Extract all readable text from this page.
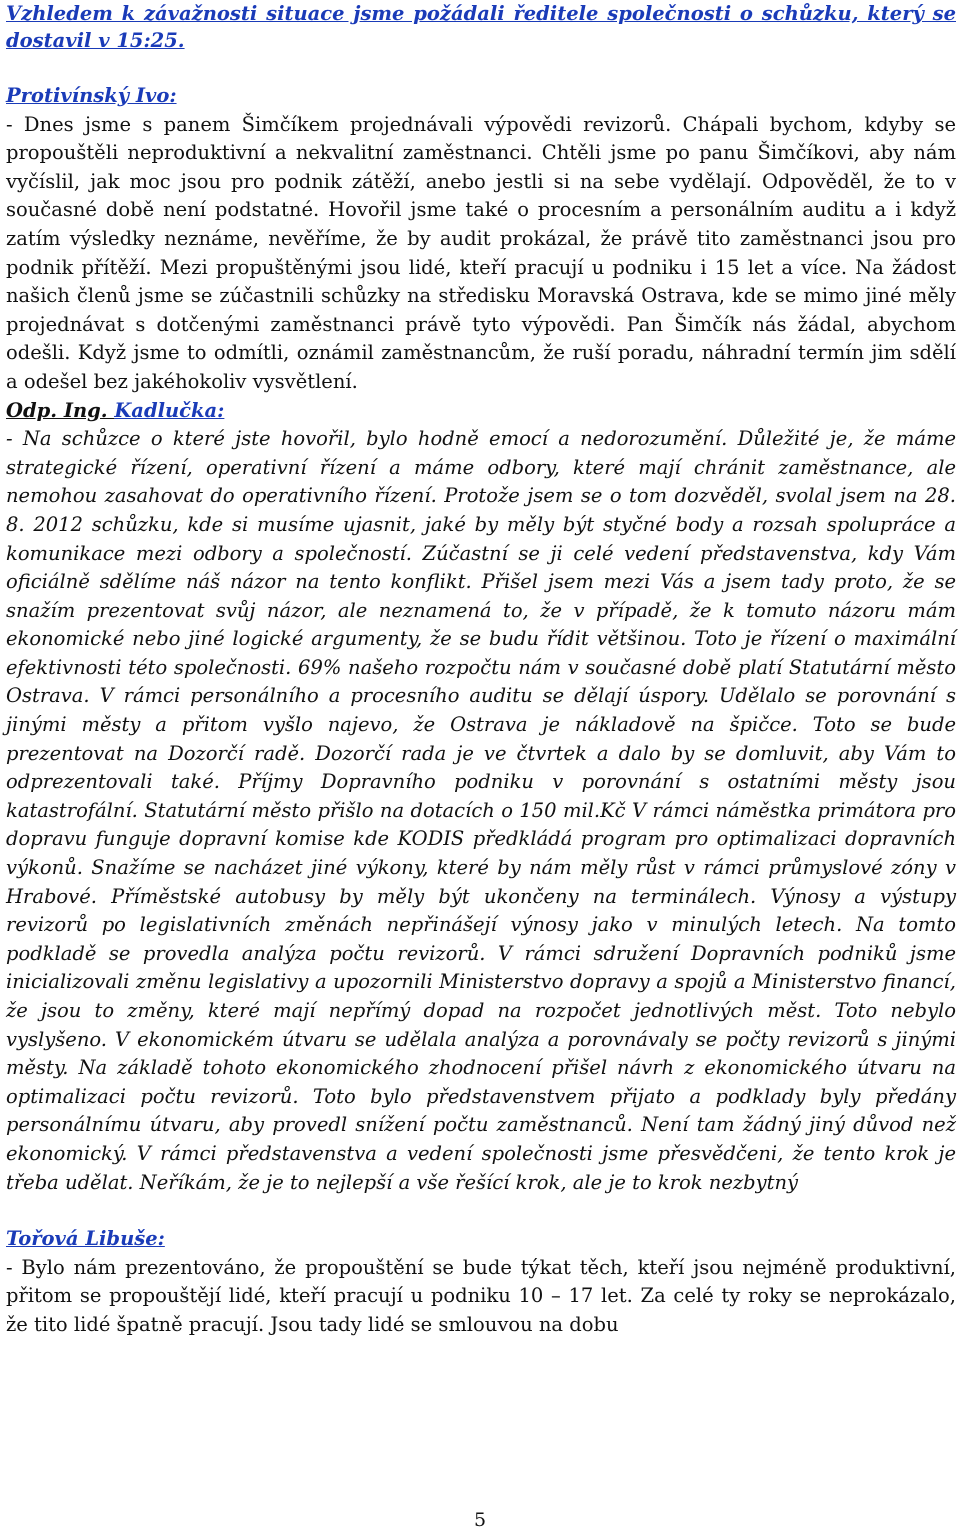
Vzhledem k závažnosti situace jsme požádali ředitele společnosti o schůzku, který se dostavil v 15:25.

Protivínský Ivo:

- Dnes jsme s panem Šimčíkem projednávali výpovědi revizorů. Chápali bychom, kdyby se propouštěli neproduktivní a nekvalitní zaměstnanci. Chtěli jsme po panu Šimčíkovi, aby nám vyčíslil, jak moc jsou pro podnik zátěží, anebo jestli si na sebe vydělají. Odpověděl, že to v současné době není podstatné. Hovořil jsme také o procesním a personálním auditu a i když zatím výsledky neznáme, nevěříme, že by audit prokázal, že právě tito zaměstnanci jsou pro podnik přítěží. Mezi propuštěnými jsou lidé, kteří pracují u podniku i 15 let a více. Na žádost našich členů jsme se zúčastnili schůzky na středisku Moravská Ostrava, kde se mimo jiné měly projednávat s dotčenými zaměstnanci právě tyto výpovědi. Pan Šimčík nás žádal, abychom odešli. Když jsme to odmítli, oznámil zaměstnancům, že ruší poradu, náhradní termín jim sdělí a odešel bez jakéhokoliv vysvětlení.

Odp. Ing. Kadlučka:

- Na schůzce o které jste hovořil, bylo hodně emocí a nedorozumění. Důležité je, že máme strategické řízení, operativní řízení a máme odbory, které mají chránit zaměstnance, ale nemohou zasahovat do operativního řízení. Protože jsem se o tom dozvěděl, svolal jsem na 28. 8. 2012 schůzku, kde si musíme ujasnit, jaké by měly být styčné body a rozsah spolupráce a komunikace mezi odbory a společností. Zúčastní se ji celé vedení představenstva, kdy Vám oficiálně sdělíme náš názor na tento konflikt. Přišel jsem mezi Vás a jsem tady proto, že se snažím prezentovat svůj názor, ale neznamená to, že v případě, že k tomuto názoru mám ekonomické nebo jiné logické argumenty, že se budu řídit většinou. Toto je řízení o maximální efektivnosti této společnosti. 69% našeho rozpočtu nám v současné době platí Statutární město Ostrava. V rámci personálního a procesního auditu se dělají úspory. Udělalo se porovnání s jinými městy a přitom vyšlo najevo, že Ostrava je nákladově na špičce. Toto se bude prezentovat na Dozorčí radě. Dozorčí rada je ve čtvrtek a dalo by se domluvit, aby Vám to odprezentovali také. Příjmy Dopravního podniku v porovnání s ostatními městy jsou katastrofální. Statutární město přišlo na dotacích o 150 mil.Kč V rámci náměstka primátora pro dopravu funguje dopravní komise kde KODIS předkládá program pro optimalizaci dopravních výkonů. Snažíme se nacházet jiné výkony, které by nám měly růst v rámci průmyslové zóny v Hrabové. Příměstské autobusy by měly být ukončeny na terminálech. Výnosy a výstupy revizorů po legislativních změnách nepřinášejí výnosy jako v minulých letech. Na tomto podkladě se provedla analýza počtu revizorů. V rámci sdružení Dopravních podniků jsme inicializovali změnu legislativy a upozornili Ministerstvo dopravy a spojů a Ministerstvo financí, že jsou to změny, které mají nepřímý dopad na rozpočet jednotlivých měst. Toto nebylo vyslyšeno. V ekonomickém útvaru se udělala analýza a porovnávaly se počty revizorů s jinými městy. Na základě tohoto ekonomického zhodnocení přišel návrh z ekonomického útvaru na optimalizaci počtu revizorů. Toto bylo představenstvem přijato a podklady byly předány personálnímu útvaru, aby provedl snížení počtu zaměstnanců. Není tam žádný jiný důvod než ekonomický. V rámci představenstva a vedení společnosti jsme přesvědčeni, že tento krok je třeba udělat. Neříkám, že je to nejlepší a vše řešící krok, ale je to krok nezbytný

Tořová Libuše:

- Bylo nám prezentováno, že propouštění se bude týkat těch, kteří jsou nejméně produktivní, přitom se propouštějí lidé, kteří pracují u podniku 10 – 17 let. Za celé ty roky se neprokázalo, že tito lidé špatně pracují. Jsou tady lidé se smlouvou na dobu

5
